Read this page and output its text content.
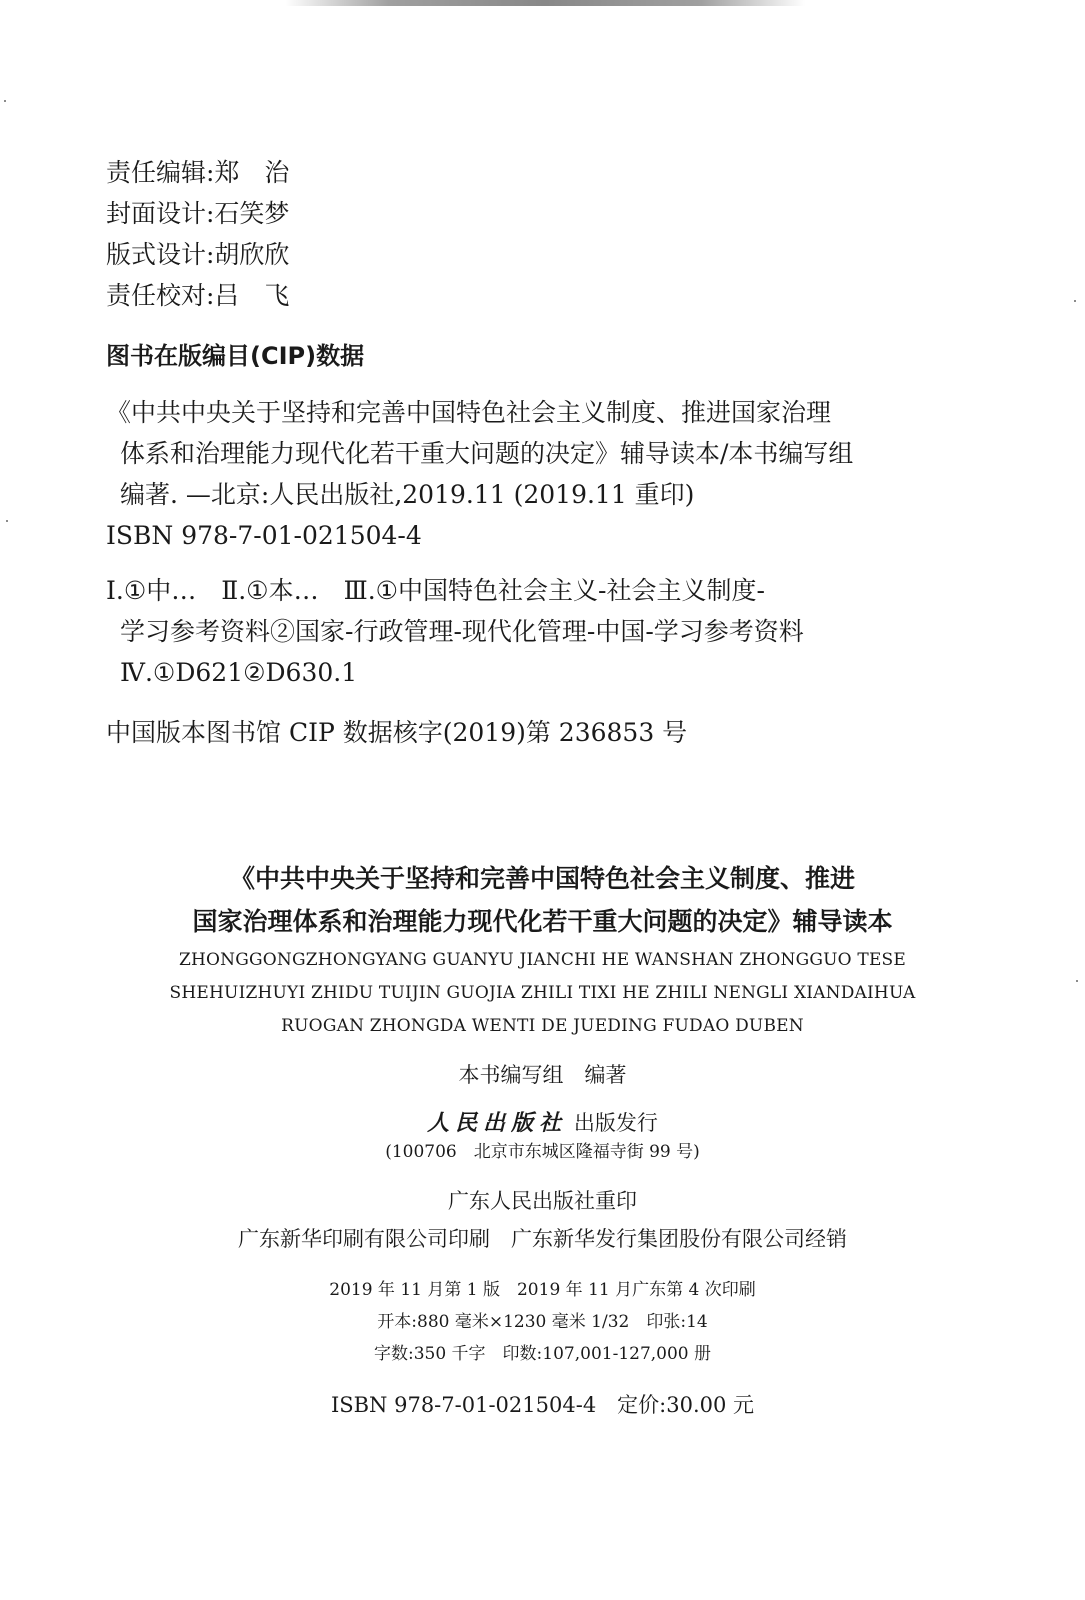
责任编辑:郑　治
封面设计:石笑梦
版式设计:胡欣欣
责任校对:吕　飞
图书在版编目(CIP)数据
《中共中央关于坚持和完善中国特色社会主义制度、推进国家治理
体系和治理能力现代化若干重大问题的决定》辅导读本/本书编写组
编著. —北京:人民出版社,2019.11 (2019.11 重印)
ISBN 978-7-01-021504-4
Ⅰ.①中…　Ⅱ.①本…　Ⅲ.①中国特色社会主义-社会主义制度-
学习参考资料②国家-行政管理-现代化管理-中国-学习参考资料
Ⅳ.①D621②D630.1
中国版本图书馆 CIP 数据核字(2019)第 236853 号
《中共中央关于坚持和完善中国特色社会主义制度、推进
国家治理体系和治理能力现代化若干重大问题的决定》辅导读本
ZHONGGONGZHONGYANG GUANYU JIANCHI HE WANSHAN ZHONGGUO TESE
SHEHUIZHUYI ZHIDU TUIJIN GUOJIA ZHILI TIXI HE ZHILI NENGLI XIANDAIHUA
RUOGAN ZHONGDA WENTI DE JUEDING FUDAO DUBEN
本书编写组　编著
人民出版社 出版发行
(100706　北京市东城区隆福寺街 99 号)
广东人民出版社重印
广东新华印刷有限公司印刷　广东新华发行集团股份有限公司经销
2019 年 11 月第 1 版　2019 年 11 月广东第 4 次印刷
开本:880 毫米×1230 毫米 1/32　印张:14
字数:350 千字　印数:107,001-127,000 册
ISBN 978-7-01-021504-4　定价:30.00 元
